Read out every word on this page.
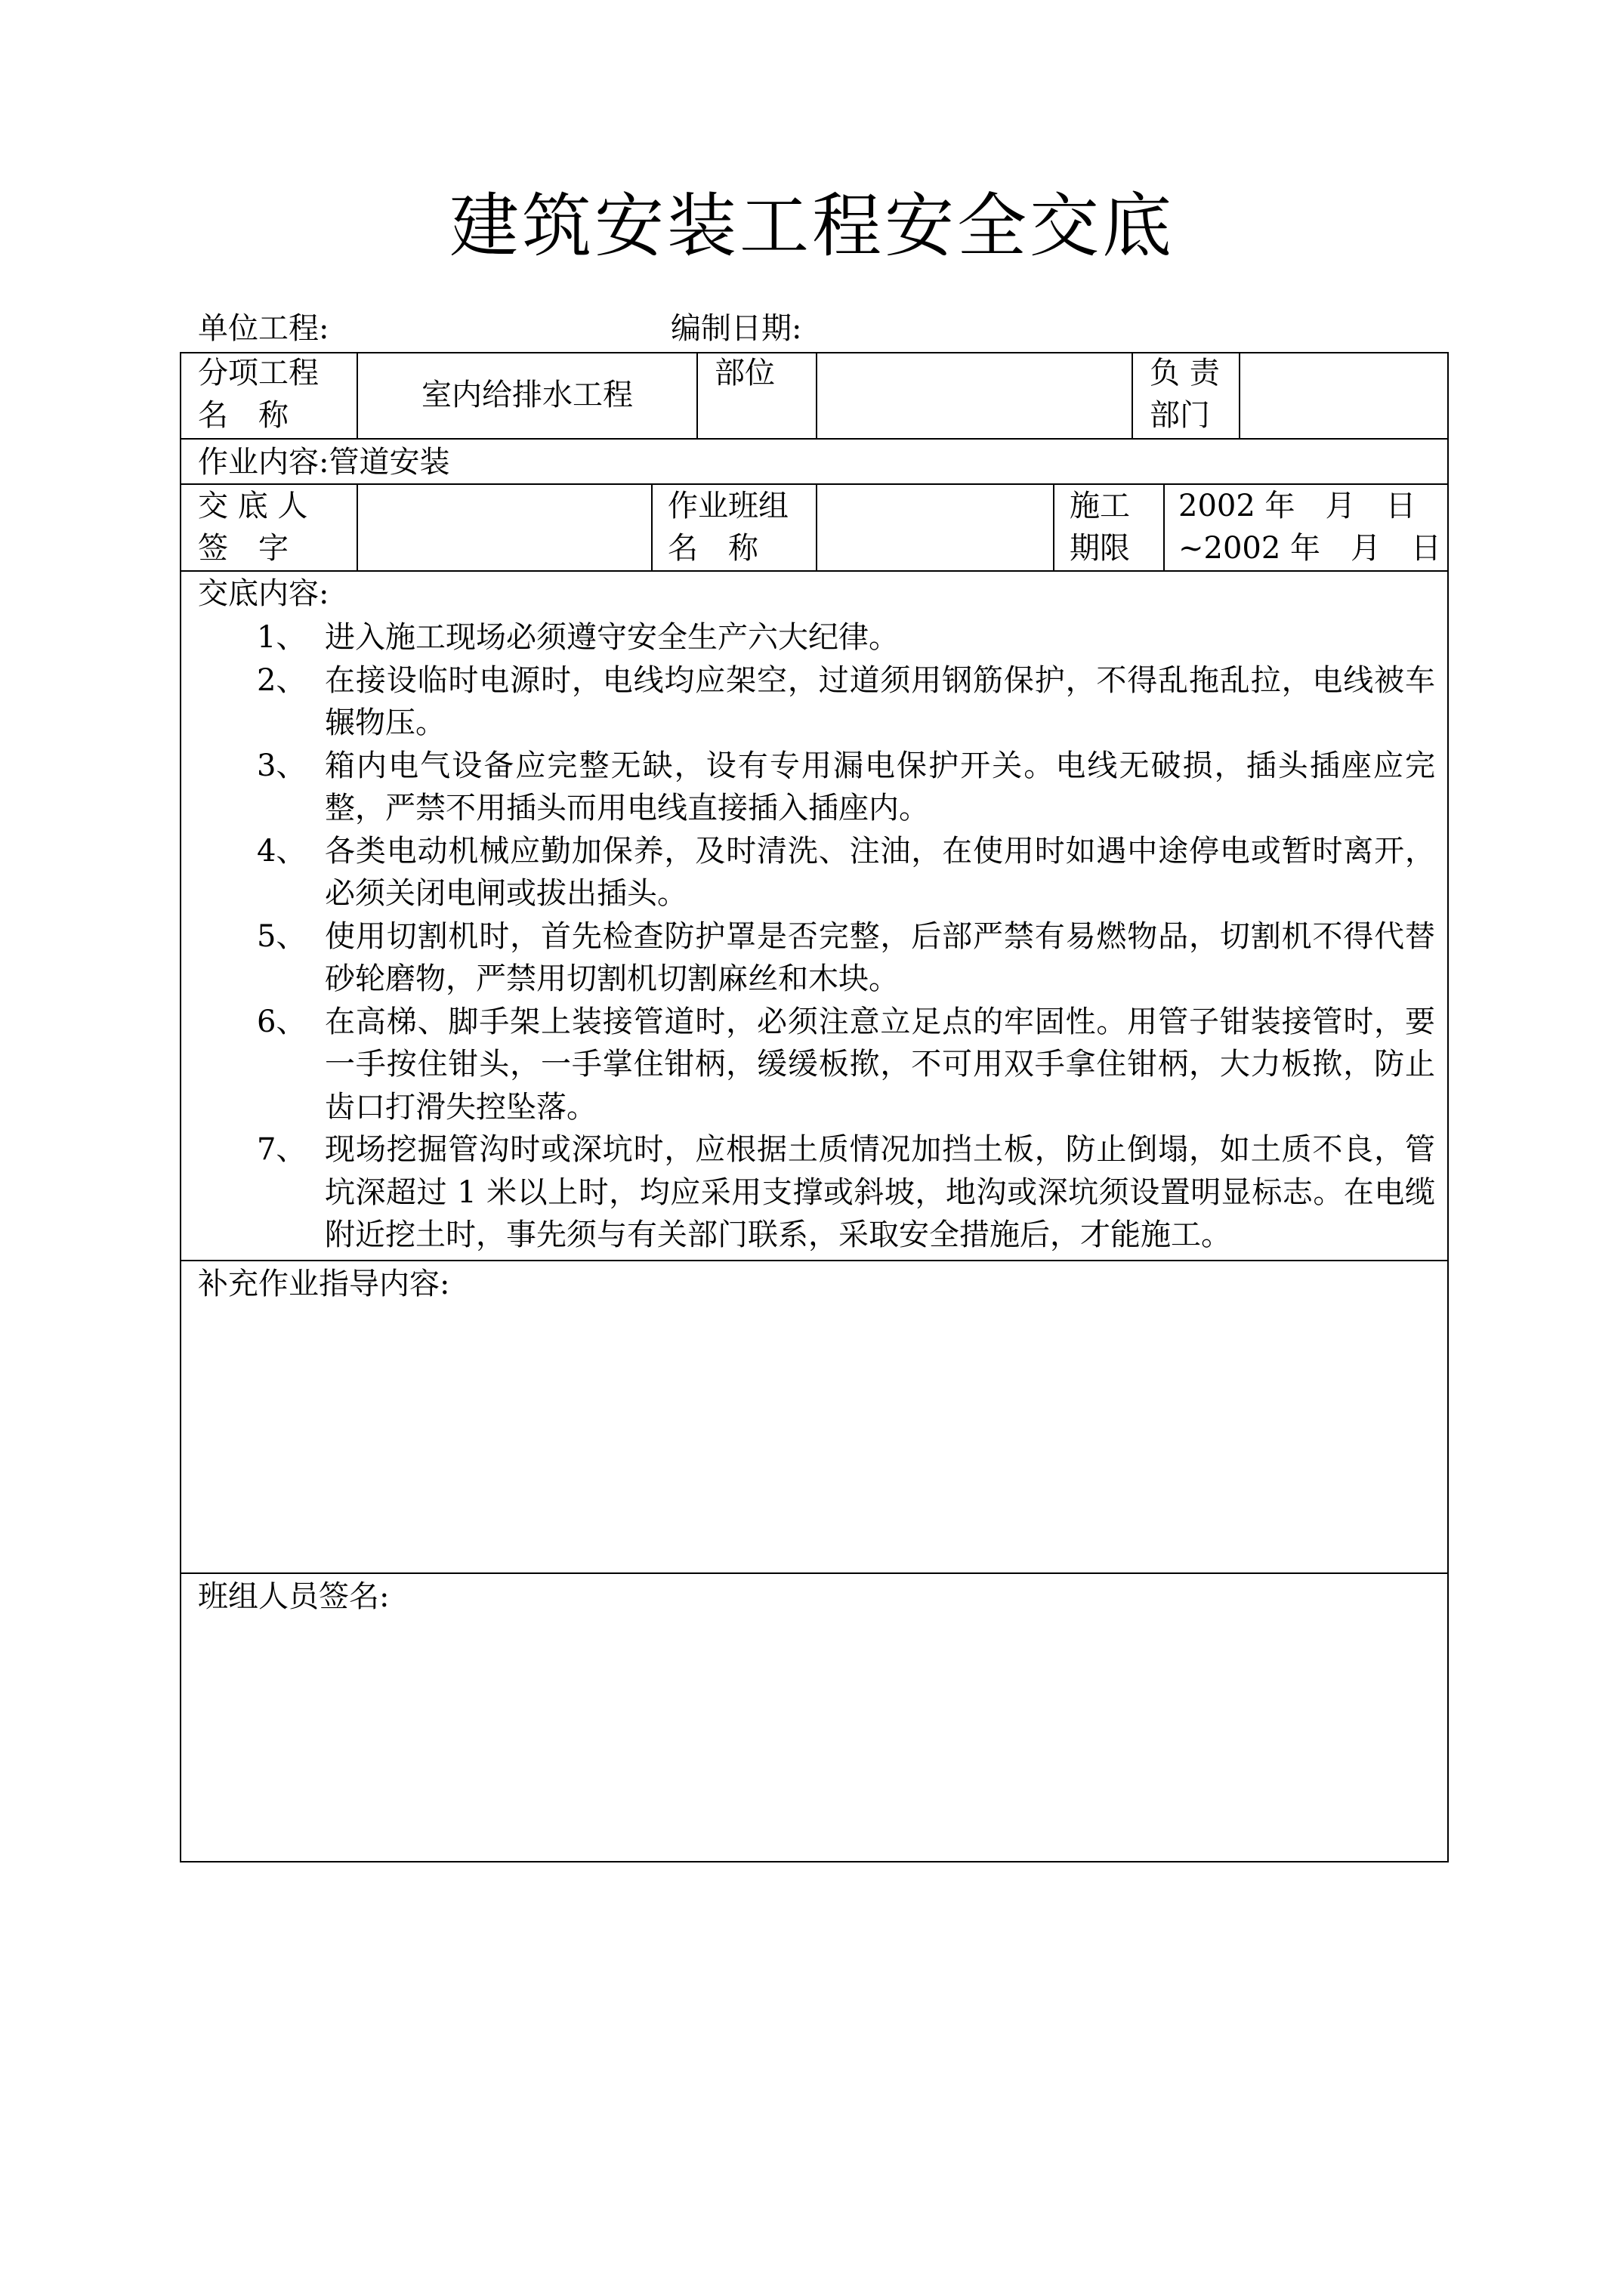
建筑安装工程安全交底
单位工程:	编制日期:
分项工程
名　称
室内给排水工程
部位	负 责
部门
作业内容:管道安装
交 底 人
签　字
作业班组
名　称
施工
期限
2002 年　月　日
~2002 年　月　日
交底内容:
1、 进入施工现场必须遵守安全生产六大纪律。
2、 在接设临时电源时，电线均应架空，过道须用钢筋保护，不得乱拖乱拉，电线被车辗物压。
3、 箱内电气设备应完整无缺，设有专用漏电保护开关。电线无破损，插头插座应完整，严禁不用插头而用电线直接插入插座内。
4、 各类电动机械应勤加保养，及时清洗、注油，在使用时如遇中途停电或暂时离开，必须关闭电闸或拔出插头。
5、 使用切割机时，首先检查防护罩是否完整，后部严禁有易燃物品，切割机不得代替砂轮磨物，严禁用切割机切割麻丝和木块。
6、 在高梯、脚手架上装接管道时，必须注意立足点的牢固性。用管子钳装接管时，要一手按住钳头，一手掌住钳柄，缓缓板揿，不可用双手拿住钳柄，大力板揿，防止齿口打滑失控坠落。
7、 现场挖掘管沟时或深坑时，应根据土质情况加挡土板，防止倒塌，如土质不良，管坑深超过 1 米以上时，均应采用支撑或斜坡，地沟或深坑须设置明显标志。在电缆附近挖土时，事先须与有关部门联系，采取安全措施后，才能施工。
补充作业指导内容:
班组人员签名:
